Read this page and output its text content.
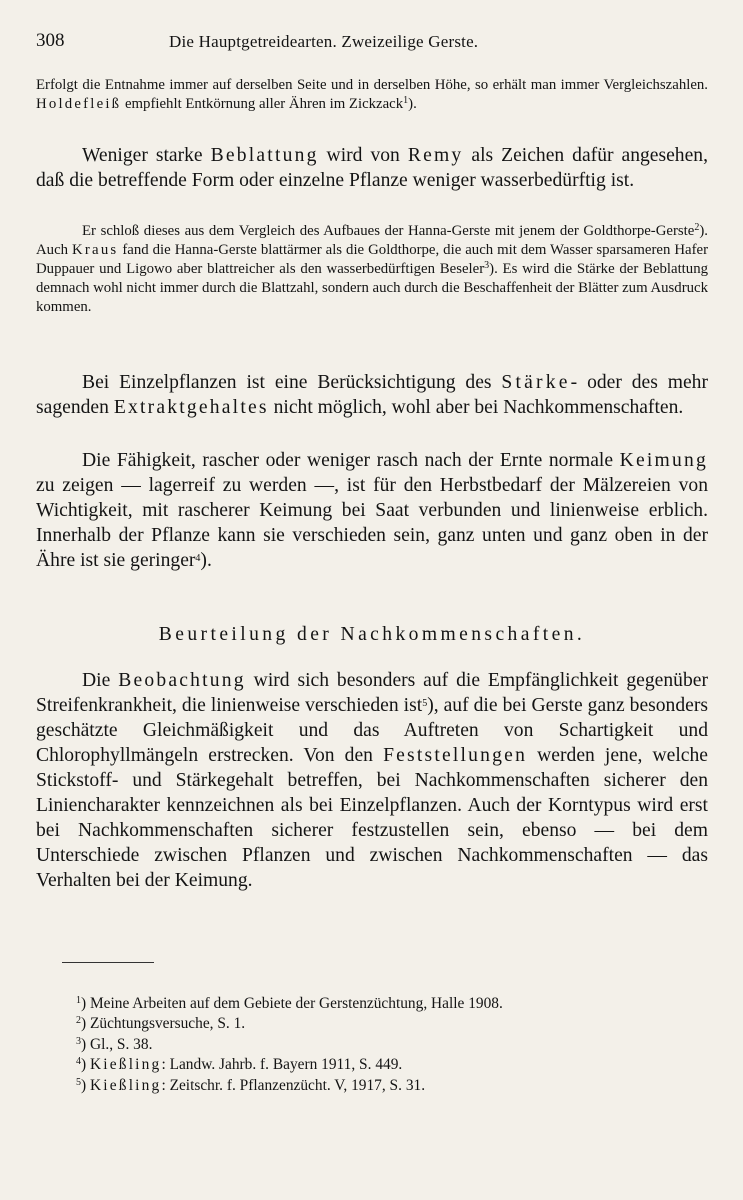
308	Die Hauptgetreidearten. Zweizeilige Gerste.

Erfolgt die Entnahme immer auf derselben Seite und in derselben Höhe, so erhält man immer Vergleichszahlen. Holdefleiß empfiehlt Entkörnung aller Ähren im Zickzack$^1$).

Weniger starke Beblattung wird von Remy als Zeichen dafür angesehen, daß die betreffende Form oder einzelne Pflanze weniger wasserbedürftig ist.

Er schloß dieses aus dem Vergleich des Aufbaues der Hanna-Gerste mit jenem der Goldthorpe-Gerste$^2$). Auch Kraus fand die Hanna-Gerste blattärmer als die Goldthorpe, die auch mit dem Wasser sparsameren Hafer Duppauer und Ligowo aber blattreicher als den wasserbedürftigen Beseler$^3$). Es wird die Stärke der Beblattung demnach wohl nicht immer durch die Blattzahl, sondern auch durch die Beschaffenheit der Blätter zum Ausdruck kommen.

Bei Einzelpflanzen ist eine Berücksichtigung des Stärke- oder des mehr sagenden Extraktgehaltes nicht möglich, wohl aber bei Nachkommenschaften.

Die Fähigkeit, rascher oder weniger rasch nach der Ernte normale Keimung zu zeigen — lagerreif zu werden —, ist für den Herbstbedarf der Mälzereien von Wichtigkeit, mit rascherer Keimung bei Saat verbunden und linienweise erblich. Innerhalb der Pflanze kann sie verschieden sein, ganz unten und ganz oben in der Ähre ist sie geringer$^4$).

Beurteilung der Nachkommenschaften.

Die Beobachtung wird sich besonders auf die Empfänglichkeit gegenüber Streifenkrankheit, die linienweise verschieden ist$^5$), auf die bei Gerste ganz besonders geschätzte Gleichmäßigkeit und das Auftreten von Schartigkeit und Chlorophyllmängeln erstrecken. Von den Feststellungen werden jene, welche Stickstoff- und Stärkegehalt betreffen, bei Nachkommenschaften sicherer den Liniencharakter kennzeichnen als bei Einzelpflanzen. Auch der Korntypus wird erst bei Nachkommenschaften sicherer festzustellen sein, ebenso — bei dem Unterschiede zwischen Pflanzen und zwischen Nachkommenschaften — das Verhalten bei der Keimung.

$^1$) Meine Arbeiten auf dem Gebiete der Gerstenzüchtung, Halle 1908.
$^2$) Züchtungsversuche, S. 1.
$^3$) Gl., S. 38.
$^4$) Kießling: Landw. Jahrb. f. Bayern 1911, S. 449.
$^5$) Kießling: Zeitschr. f. Pflanzenzücht. V, 1917, S. 31.
